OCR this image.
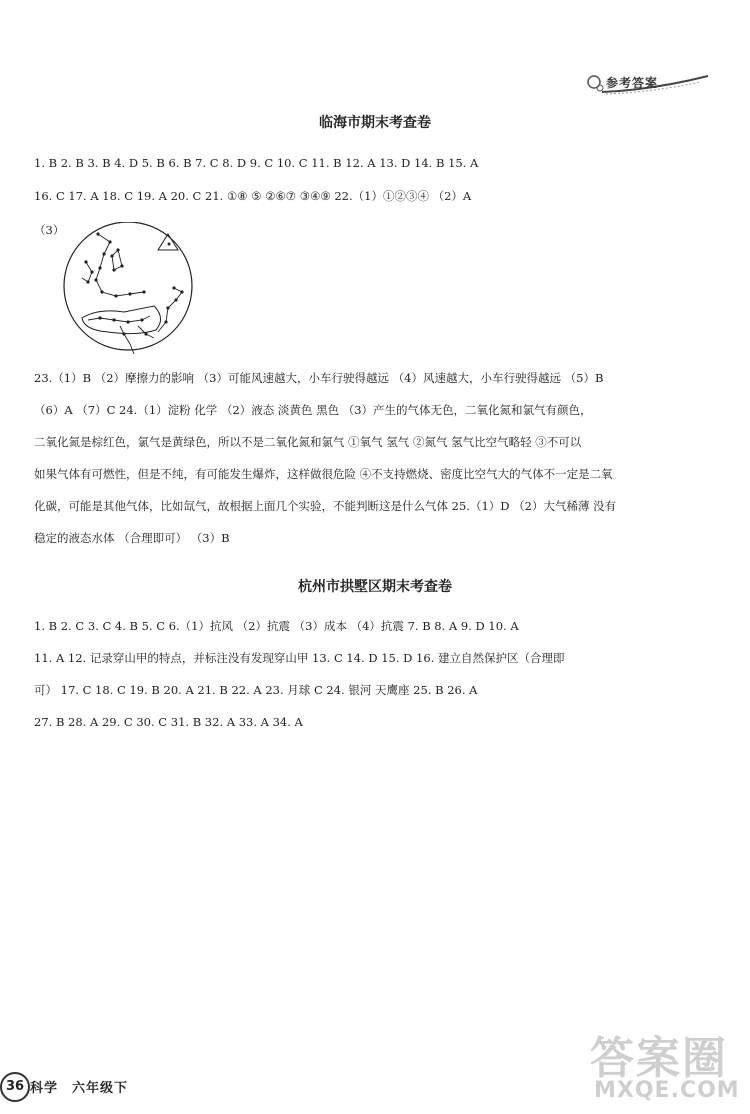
参考答案
临海市期末考查卷
1. B 2. B 3. B 4. D 5. B 6. B 7. C 8. D 9. C 10. C 11. B 12. A 13. D 14. B 15. A
16. C 17. A 18. C 19. A 20. C 21. ①⑧ ⑤ ②⑥⑦ ③④⑨ 22.（1）①②③④ （2）A
（3）
23.（1）B （2）摩擦力的影响 （3）可能风速越大，小车行驶得越远 （4）风速越大，小车行驶得越远 （5）B
（6）A （7）C 24.（1）淀粉 化学 （2）液态 淡黄色 黑色 （3）产生的气体无色，二氧化氮和氯气有颜色，
二氧化氮是棕红色，氯气是黄绿色，所以不是二氧化氮和氯气 ①氧气 氢气 ②氮气 氢气比空气略轻 ③不可以
如果气体有可燃性，但是不纯，有可能发生爆炸，这样做很危险 ④不支持燃烧、密度比空气大的气体不一定是二氧
化碳，可能是其他气体，比如氙气，故根据上面几个实验，不能判断这是什么气体 25.（1）D （2）大气稀薄 没有
稳定的液态水体 （合理即可） （3）B
杭州市拱墅区期末考查卷
1. B 2. C 3. C 4. B 5. C 6.（1）抗风 （2）抗震 （3）成本 （4）抗震 7. B 8. A 9. D 10. A
11. A 12. 记录穿山甲的特点，并标注没有发现穿山甲 13. C 14. D 15. D 16. 建立自然保护区（合理即
可） 17. C 18. C 19. B 20. A 21. B 22. A 23. 月球 C 24. 银河 天鹰座 25. B 26. A
27. B 28. A 29. C 30. C 31. B 32. A 33. A 34. A
答案圈
MXQE.COM
36 科学 六年级下
